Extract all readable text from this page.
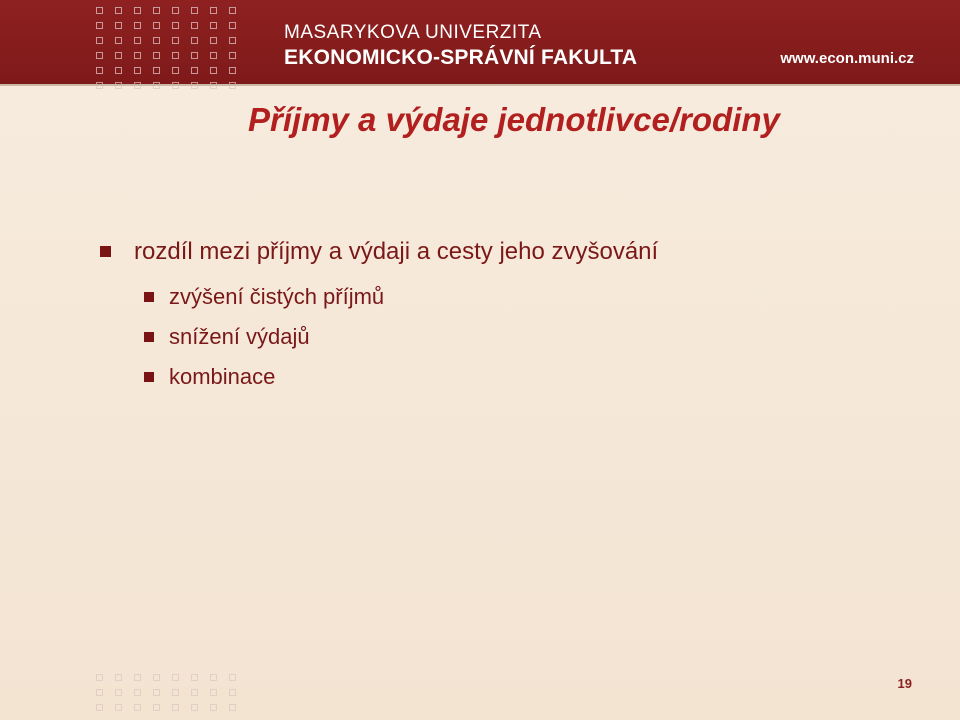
MASARYKOVA UNIVERZITA
EKONOMICKO-SPRÁVNÍ FAKULTA	www.econ.muni.cz
Příjmy a výdaje jednotlivce/rodiny
rozdíl mezi příjmy a výdaji a cesty jeho zvyšování
zvýšení čistých příjmů
snížení výdajů
kombinace
19
